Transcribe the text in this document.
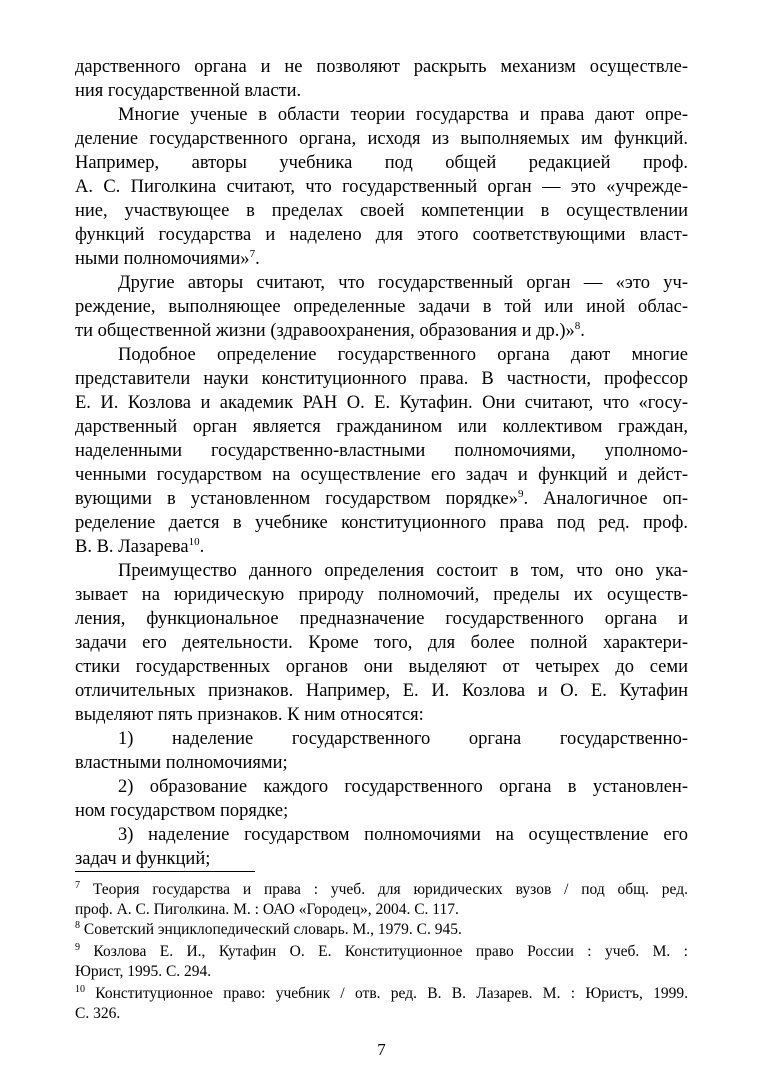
дарственного органа и не позволяют раскрыть механизм осуществле-
ния государственной власти.
Многие ученые в области теории государства и права дают опре-
деление государственного органа, исходя из выполняемых им функций.
Например, авторы учебника под общей редакцией проф.
А. С. Пиголкина считают, что государственный орган — это «учрежде-
ние, участвующее в пределах своей компетенции в осуществлении
функций государства и наделено для этого соответствующими власт-
ными полномочиями»$^7$.
Другие авторы считают, что государственный орган — «это уч-
реждение, выполняющее определенные задачи в той или иной облас-
ти общественной жизни (здравоохранения, образования и др.)»$^8$.
Подобное определение государственного органа дают многие
представители науки конституционного права. В частности, профессор
Е. И. Козлова и академик РАН О. Е. Кутафин. Они считают, что «госу-
дарственный орган является гражданином или коллективом граждан,
наделенными государственно-властными полномочиями, уполномо-
ченными государством на осуществление его задач и функций и дейст-
вующими в установленном государством порядке»$^9$. Аналогичное оп-
ределение дается в учебнике конституционного права под ред. проф.
В. В. Лазарева$^{10}$.
Преимущество данного определения состоит в том, что оно ука-
зывает на юридическую природу полномочий, пределы их осуществ-
ления, функциональное предназначение государственного органа и
задачи его деятельности. Кроме того, для более полной характери-
стики государственных органов они выделяют от четырех до семи
отличительных признаков. Например, Е. И. Козлова и О. Е. Кутафин
выделяют пять признаков. К ним относятся:
1) наделение государственного органа государственно-
властными полномочиями;
2) образование каждого государственного органа в установлен-
ном государством порядке;
3) наделение государством полномочиями на осуществление его
задач и функций;
$^7$ Теория государства и права : учеб. для юридических вузов / под общ. ред.
проф. А. С. Пиголкина. М. : ОАО «Городец», 2004. С. 117.
$^8$ Советский энциклопедический словарь. М., 1979. С. 945.
$^9$ Козлова Е. И., Кутафин О. Е. Конституционное право России : учеб. М. :
Юрист, 1995. С. 294.
$^{10}$ Конституционное право: учебник / отв. ред. В. В. Лазарев. М. : Юристъ, 1999.
С. 326.
7
